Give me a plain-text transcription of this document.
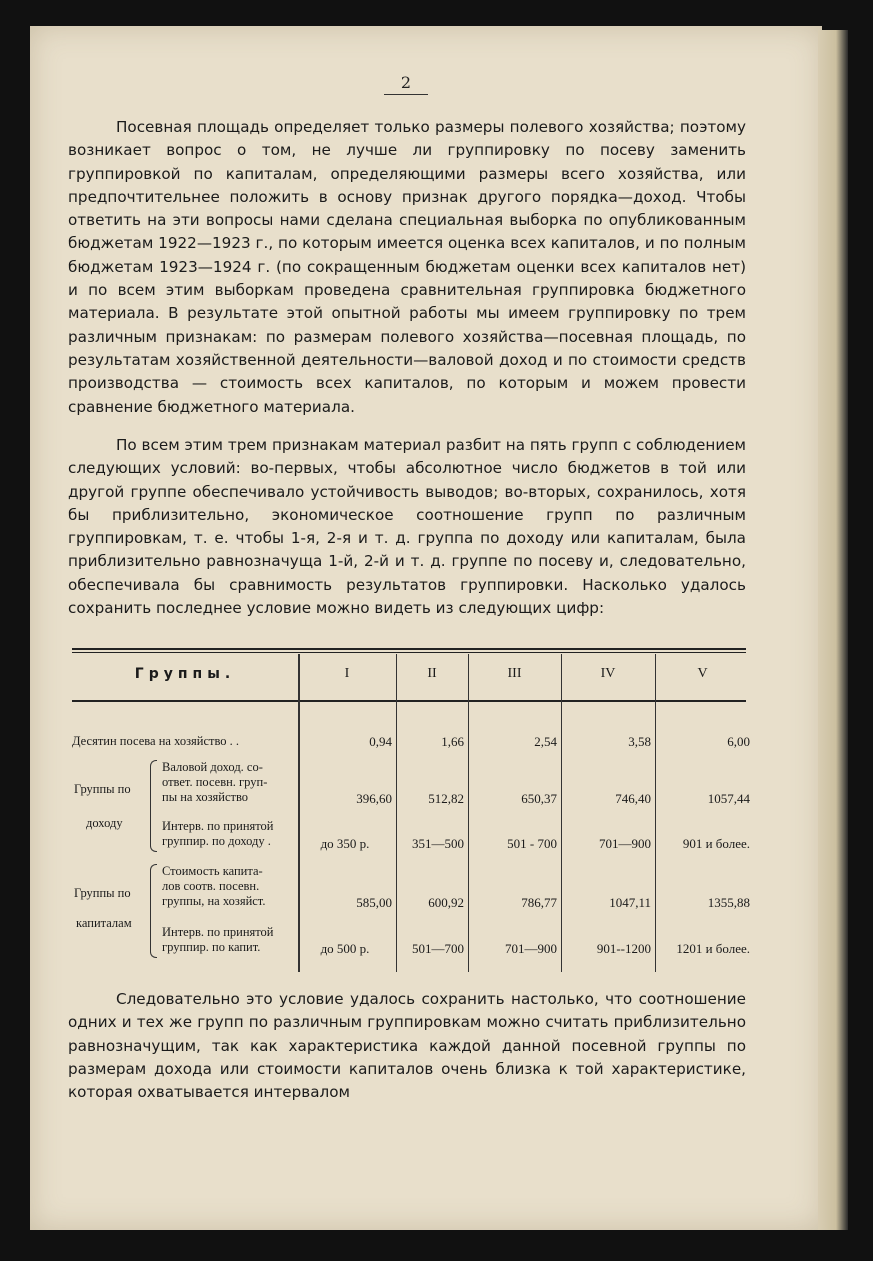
2

Посевная площадь определяет только размеры полевого хозяйства; поэтому возникает вопрос о том, не лучше ли группировку по посеву заменить группировкой по капиталам, определяющими размеры всего хозяйства, или предпочтительнее положить в основу признак другого порядка—доход. Чтобы ответить на эти вопросы нами сделана специальная выборка по опубликованным бюджетам 1922—1923 г., по которым имеется оценка всех капиталов, и по полным бюджетам 1923—1924 г. (по сокращенным бюджетам оценки всех капиталов нет) и по всем этим выборкам проведена сравнительная группировка бюджетного материала. В результате этой опытной работы мы имеем группировку по трем различным признакам: по размерам полевого хозяйства—посевная площадь, по результатам хозяйственной деятельности—валовой доход и по стоимости средств производства — стоимость всех капиталов, по которым и можем провести сравнение бюджетного материала.

По всем этим трем признакам материал разбит на пять групп с соблюдением следующих условий: во-первых, чтобы абсолютное число бюджетов в той или другой группе обеспечивало устойчивость выводов; во-вторых, сохранилось, хотя бы приблизительно, экономическое соотношение групп по различным группировкам, т. е. чтобы 1-я, 2-я и т. д. группа по доходу или капиталам, была приблизительно равнозначуща 1-й, 2-й и т. д. группе по посеву и, следовательно, обеспечивала бы сравнимость результатов группировки. Насколько удалось сохранить последнее условие можно видеть из следующих цифр:

Группы.	I	II	III	IV	V
Десятин посева на хозяйство . .	0,94	1,66	2,54	3,58	6,00
Группы по
доходу
Валовой доход. со-
ответ. посевн. груп-
пы на хозяйство	396,60	512,82	650,37	746,40	1057,44
Интерв. по принятой
группир. по доходу .	до 350 р.	351—500	501 - 700	701—900	901 и более.
Группы по
капиталам
Стоимость капита-
лов соотв. посевн.
группы, на хозяйст.	585,00	600,92	786,77	1047,11	1355,88
Интерв. по принятой
группир. по капит.	до 500 р.	501—700	701—900	901--1200	1201 и более.

Следовательно это условие удалось сохранить настолько, что соотношение одних и тех же групп по различным группировкам можно считать приблизительно равнозначущим, так как характеристика каждой данной посевной группы по размерам дохода или стоимости капиталов очень близка к той характеристике, которая охватывается интервалом
